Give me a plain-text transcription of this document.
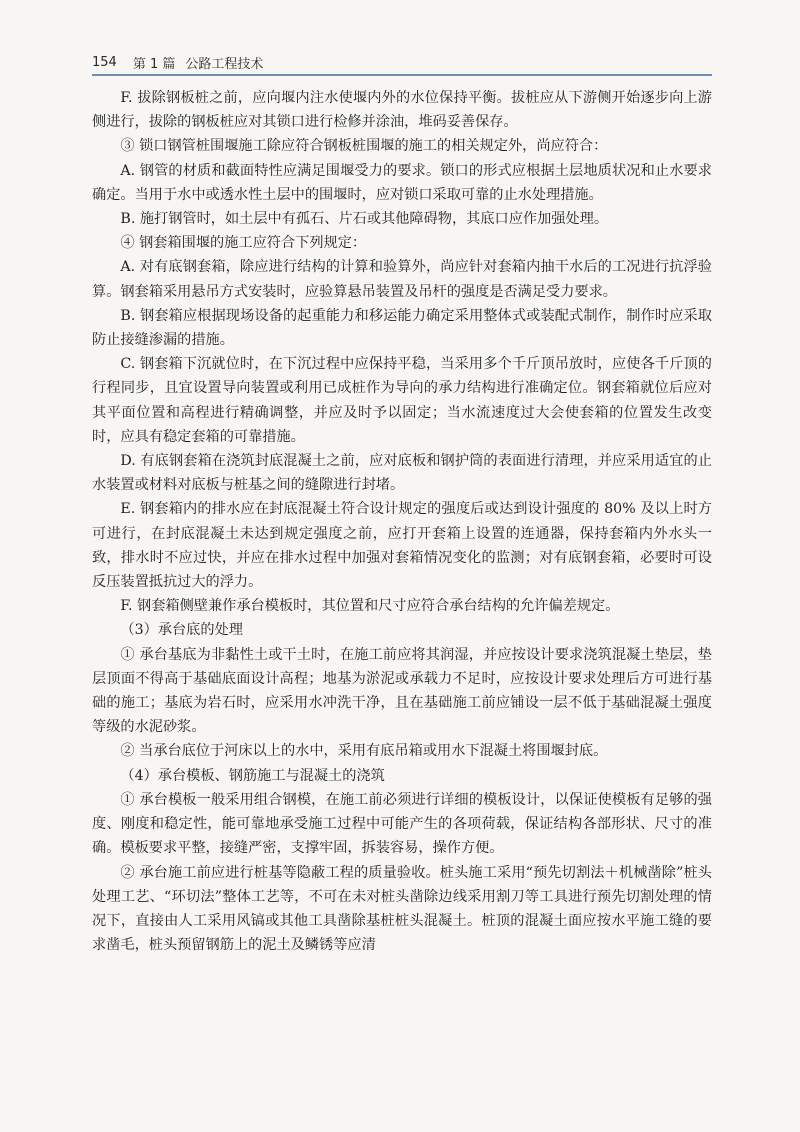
154 第 1 篇 公路工程技术

F. 拔除钢板桩之前，应向堰内注水使堰内外的水位保持平衡。拔桩应从下游侧开始逐步向上游侧进行，拔除的钢板桩应对其锁口进行检修并涂油，堆码妥善保存。

③ 锁口钢管桩围堰施工除应符合钢板桩围堰的施工的相关规定外，尚应符合：

A. 钢管的材质和截面特性应满足围堰受力的要求。锁口的形式应根据土层地质状况和止水要求确定。当用于水中或透水性土层中的围堰时，应对锁口采取可靠的止水处理措施。

B. 施打钢管时，如土层中有孤石、片石或其他障碍物，其底口应作加强处理。

④ 钢套箱围堰的施工应符合下列规定：

A. 对有底钢套箱，除应进行结构的计算和验算外，尚应针对套箱内抽干水后的工况进行抗浮验算。钢套箱采用悬吊方式安装时，应验算悬吊装置及吊杆的强度是否满足受力要求。

B. 钢套箱应根据现场设备的起重能力和移运能力确定采用整体式或装配式制作，制作时应采取防止接缝渗漏的措施。

C. 钢套箱下沉就位时，在下沉过程中应保持平稳，当采用多个千斤顶吊放时，应使各千斤顶的行程同步，且宜设置导向装置或利用已成桩作为导向的承力结构进行准确定位。钢套箱就位后应对其平面位置和高程进行精确调整，并应及时予以固定；当水流速度过大会使套箱的位置发生改变时，应具有稳定套箱的可靠措施。

D. 有底钢套箱在浇筑封底混凝土之前，应对底板和钢护筒的表面进行清理，并应采用适宜的止水装置或材料对底板与桩基之间的缝隙进行封堵。

E. 钢套箱内的排水应在封底混凝土符合设计规定的强度后或达到设计强度的 80% 及以上时方可进行，在封底混凝土未达到规定强度之前，应打开套箱上设置的连通器，保持套箱内外水头一致，排水时不应过快，并应在排水过程中加强对套箱情况变化的监测；对有底钢套箱，必要时可设反压装置抵抗过大的浮力。

F. 钢套箱侧壁兼作承台模板时，其位置和尺寸应符合承台结构的允许偏差规定。

（3）承台底的处理

① 承台基底为非黏性土或干土时，在施工前应将其润湿，并应按设计要求浇筑混凝土垫层，垫层顶面不得高于基础底面设计高程；地基为淤泥或承载力不足时，应按设计要求处理后方可进行基础的施工；基底为岩石时，应采用水冲洗干净，且在基础施工前应铺设一层不低于基础混凝土强度等级的水泥砂浆。

② 当承台底位于河床以上的水中，采用有底吊箱或用水下混凝土将围堰封底。

（4）承台模板、钢筋施工与混凝土的浇筑

① 承台模板一般采用组合钢模，在施工前必须进行详细的模板设计，以保证使模板有足够的强度、刚度和稳定性，能可靠地承受施工过程中可能产生的各项荷载，保证结构各部形状、尺寸的准确。模板要求平整，接缝严密，支撑牢固，拆装容易，操作方便。

② 承台施工前应进行桩基等隐蔽工程的质量验收。桩头施工采用“预先切割法＋机械凿除”桩头处理工艺、“环切法”整体工艺等，不可在未对桩头凿除边线采用割刀等工具进行预先切割处理的情况下，直接由人工采用风镐或其他工具凿除基桩桩头混凝土。桩顶的混凝土面应按水平施工缝的要求凿毛，桩头预留钢筋上的泥土及鳞锈等应清
